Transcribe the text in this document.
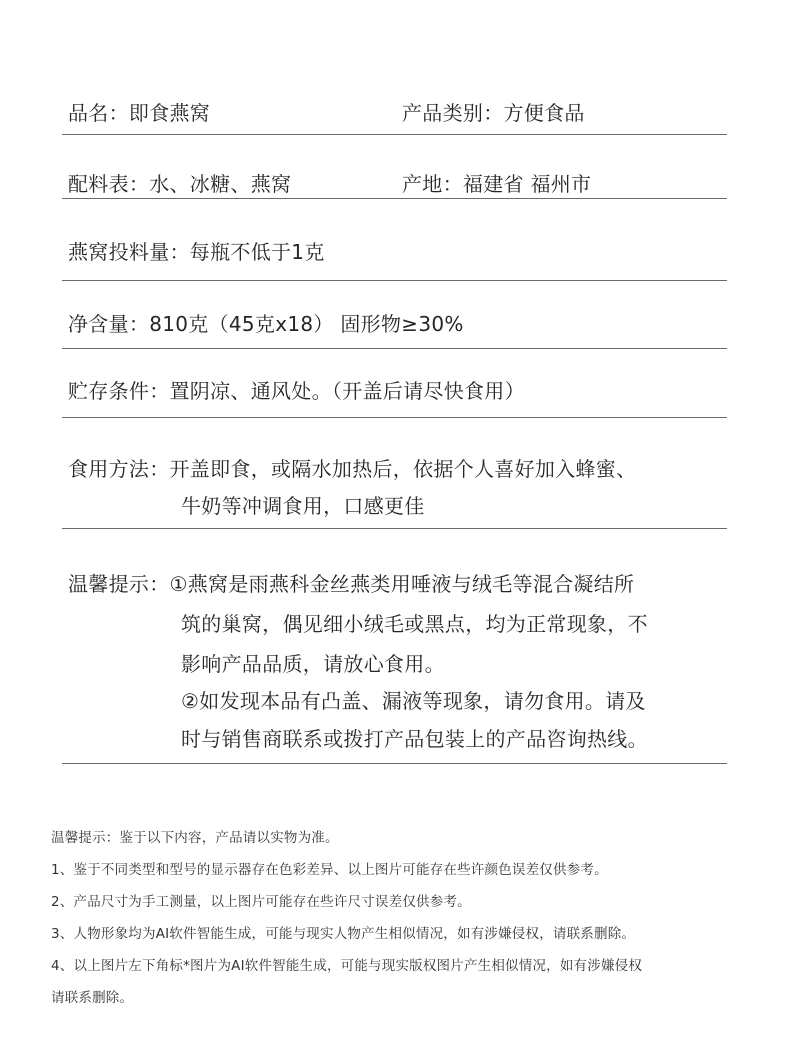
品名：即食燕窝	产品类别：方便食品
配料表：水、冰糖、燕窝	产地：福建省 福州市
燕窝投料量：每瓶不低于1克
净含量：810克（45克x18） 固形物≥30%
贮存条件：置阴凉、通风处。（开盖后请尽快食用）
食用方法：开盖即食，或隔水加热后，依据个人喜好加入蜂蜜、
牛奶等冲调食用，口感更佳
温馨提示：①燕窝是雨燕科金丝燕类用唾液与绒毛等混合凝结所
筑的巢窝，偶见细小绒毛或黑点，均为正常现象，不
影响产品品质，请放心食用。
②如发现本品有凸盖、漏液等现象，请勿食用。请及
时与销售商联系或拨打产品包装上的产品咨询热线。
温馨提示：鉴于以下内容，产品请以实物为准。
1、鉴于不同类型和型号的显示器存在色彩差异、以上图片可能存在些许颜色误差仅供参考。
2、产品尺寸为手工测量，以上图片可能存在些许尺寸误差仅供参考。
3、人物形象均为AI软件智能生成，可能与现实人物产生相似情况，如有涉嫌侵权，请联系删除。
4、以上图片左下角标*图片为AI软件智能生成，可能与现实版权图片产生相似情况，如有涉嫌侵权
请联系删除。
